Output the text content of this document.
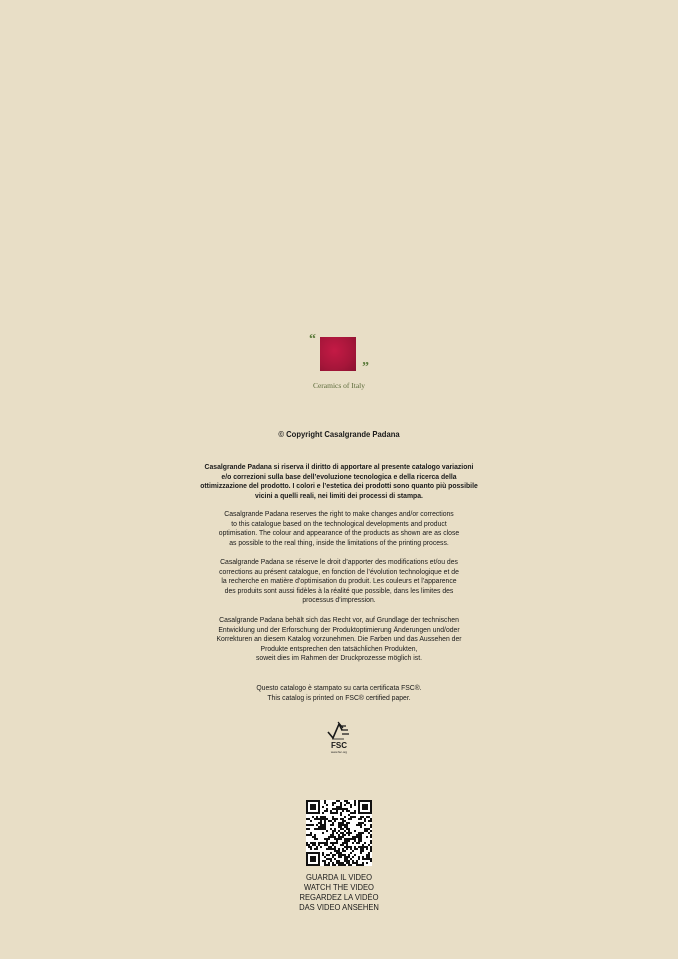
“
”
Ceramics of Italy
© Copyright Casalgrande Padana
Casalgrande Padana si riserva il diritto di apportare al presente catalogo variazioni
e/o correzioni sulla base dell’evoluzione tecnologica e della ricerca della
ottimizzazione del prodotto. I colori e l’estetica dei prodotti sono quanto più possibile
vicini a quelli reali, nei limiti dei processi di stampa.
Casalgrande Padana reserves the right to make changes and/or corrections
to this catalogue based on the technological developments and product
optimisation. The colour and appearance of the products as shown are as close
as possible to the real thing, inside the limitations of the printing process.
Casalgrande Padana se réserve le droit d’apporter des modifications et/ou des
corrections au présent catalogue, en fonction de l’évolution technologique et de
la recherche en matière d’optimisation du produit. Les couleurs et l’apparence
des produits sont aussi fidèles à la réalité que possible, dans les limites des
processus d’impression.
Casalgrande Padana behält sich das Recht vor, auf Grundlage der technischen
Entwicklung und der Erforschung der Produktoptimierung Änderungen und/oder
Korrekturen an diesem Katalog vorzunehmen. Die Farben und das Aussehen der
Produkte entsprechen den tatsächlichen Produkten,
soweit dies im Rahmen der Druckprozesse möglich ist.
Questo catalogo è stampato su carta certificata FSC®.
This catalog is printed on FSC® certified paper.
FSC
www.fsc.org
GUARDA IL VIDEO
WATCH THE VIDEO
REGARDEZ LA VIDÉO
DAS VIDEO ANSEHEN
